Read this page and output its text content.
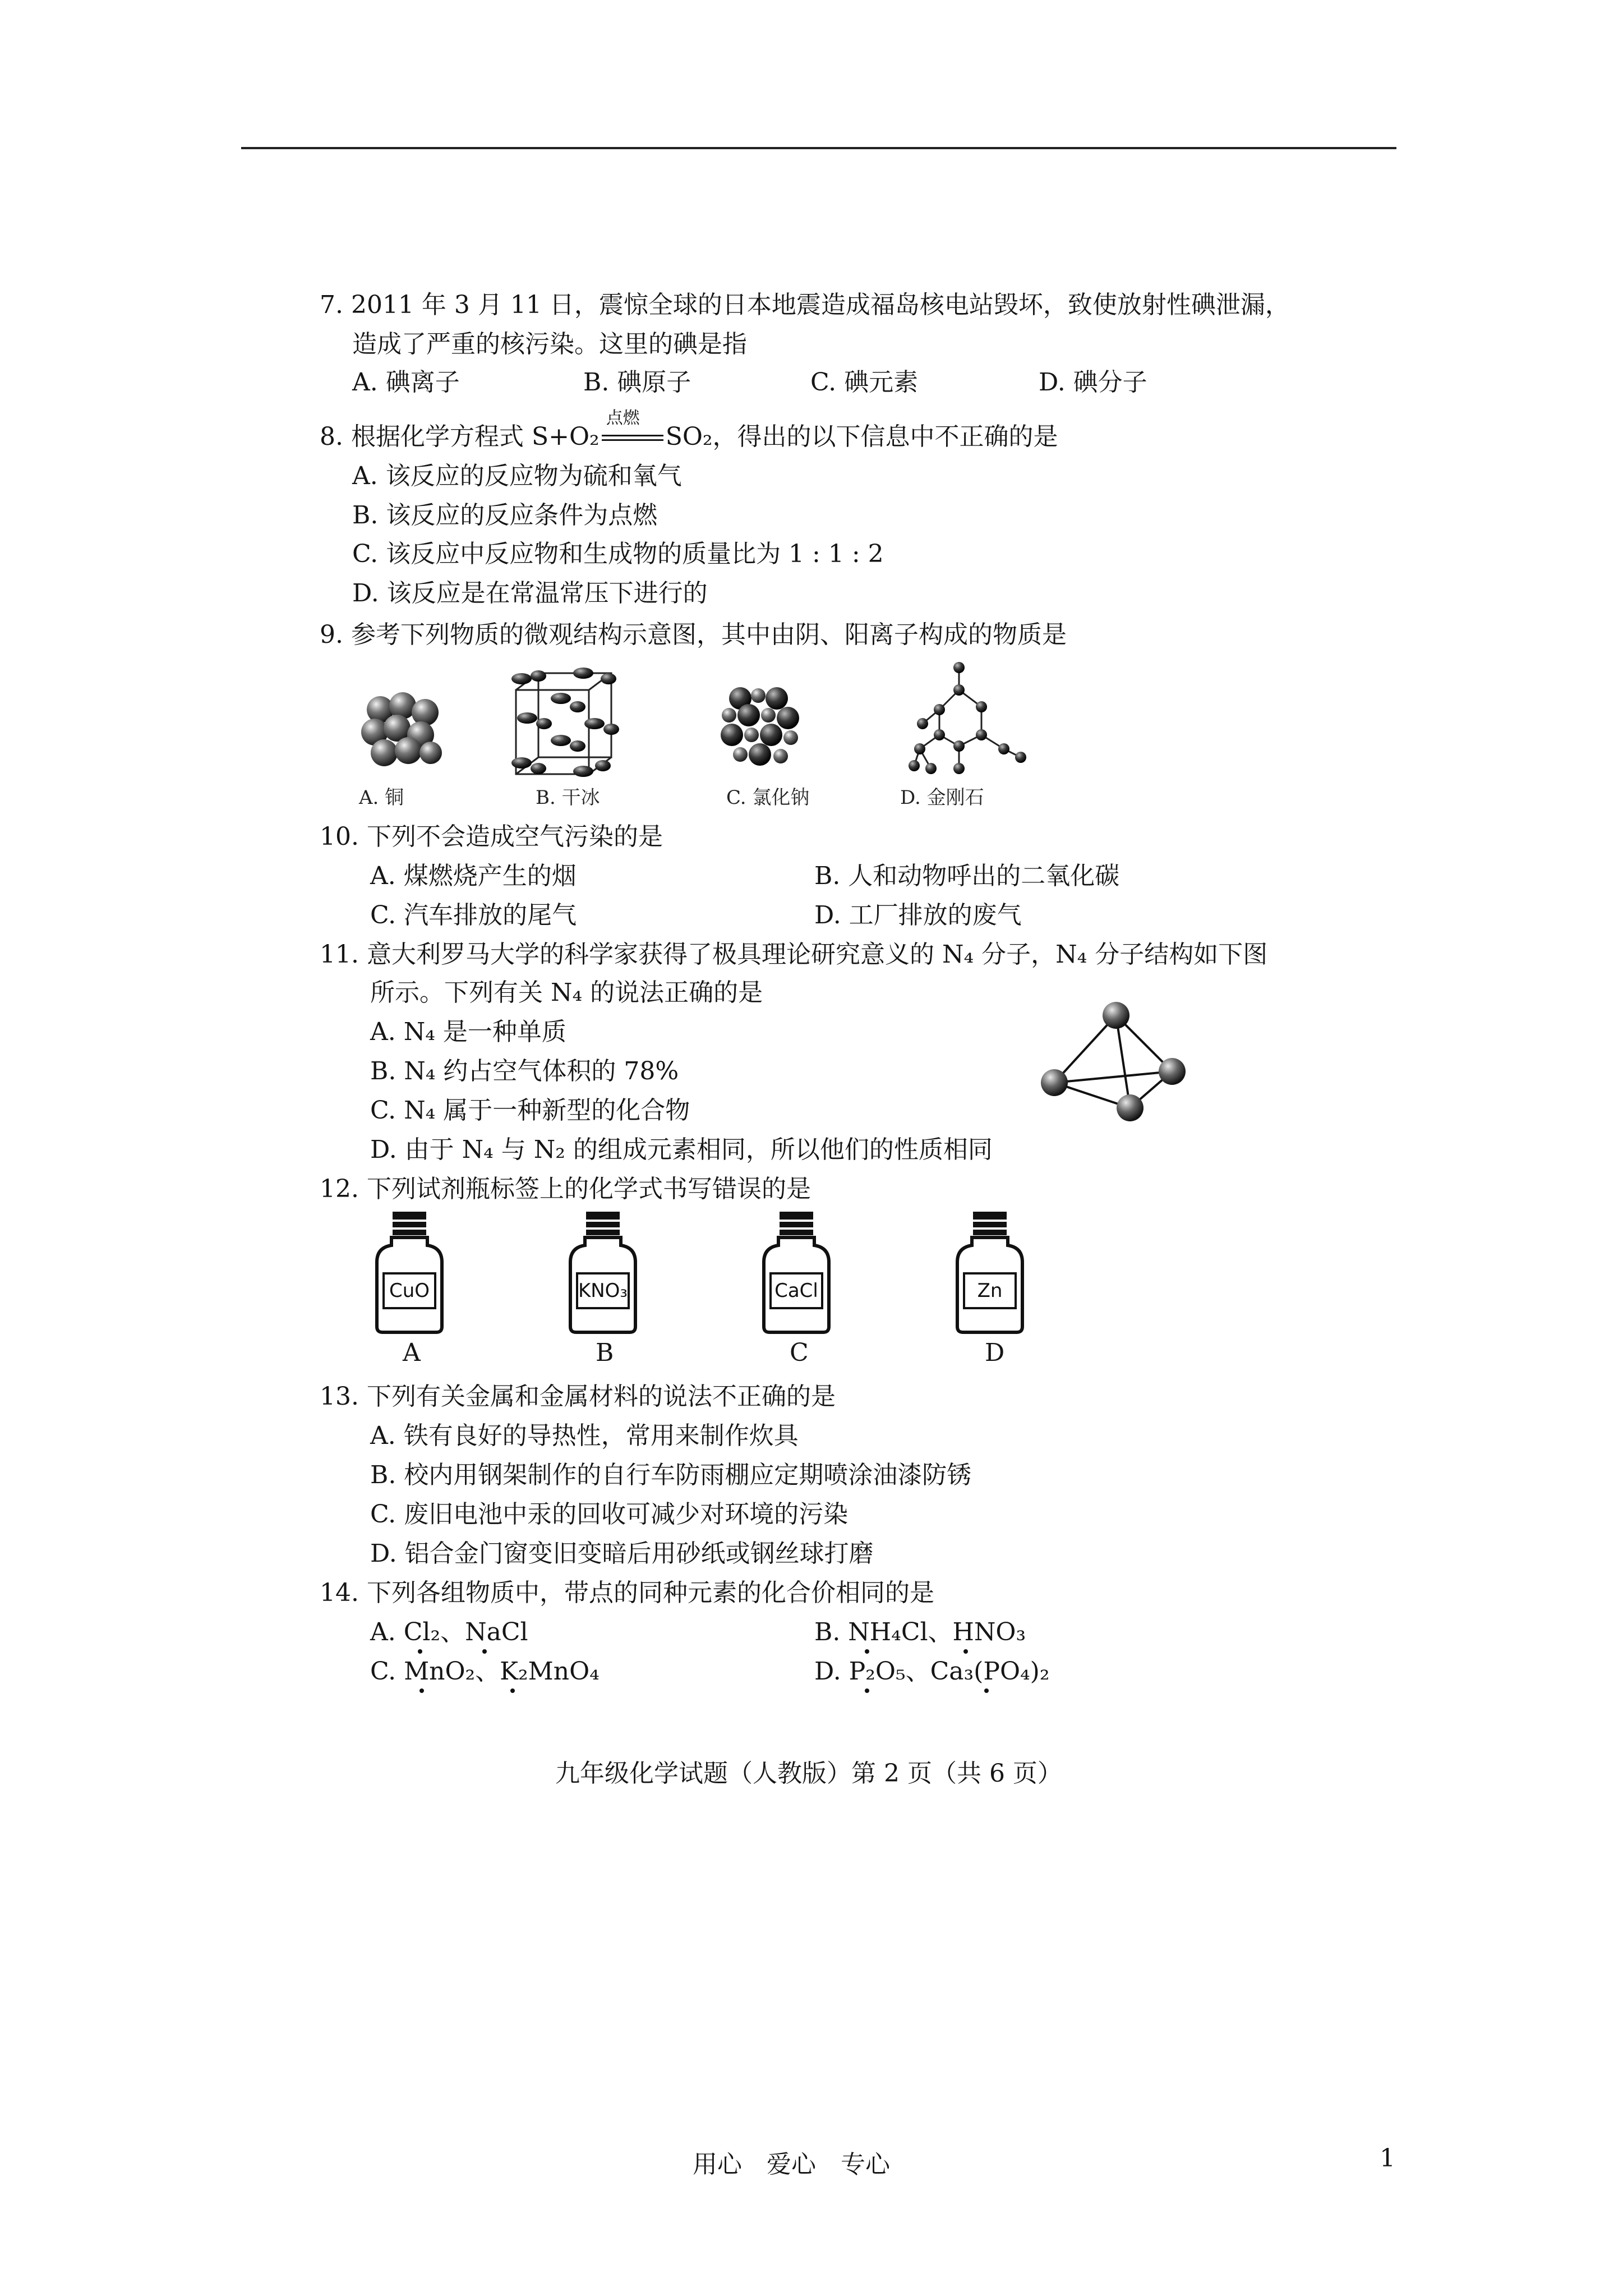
7. 2011 年 3 月 11 日，震惊全球的日本地震造成福岛核电站毁坏，致使放射性碘泄漏，
造成了严重的核污染。这里的碘是指
A. 碘离子	B. 碘原子	C. 碘元素	D. 碘分子
8. 根据化学方程式 S+O₂
点燃
SO₂，得出的以下信息中不正确的是
A. 该反应的反应物为硫和氧气
B. 该反应的反应条件为点燃
C. 该反应中反应物和生成物的质量比为 1 : 1 : 2
D. 该反应是在常温常压下进行的
9. 参考下列物质的微观结构示意图，其中由阴、阳离子构成的物质是
A. 铜	B. 干冰	C. 氯化钠	D. 金刚石
10. 下列不会造成空气污染的是
A. 煤燃烧产生的烟	B. 人和动物呼出的二氧化碳
C. 汽车排放的尾气	D. 工厂排放的废气
11. 意大利罗马大学的科学家获得了极具理论研究意义的 N₄ 分子，N₄ 分子结构如下图
所示。下列有关 N₄ 的说法正确的是
A. N₄ 是一种单质
B. N₄ 约占空气体积的 78%
C. N₄ 属于一种新型的化合物
D. 由于 N₄ 与 N₂ 的组成元素相同，所以他们的性质相同
12. 下列试剂瓶标签上的化学式书写错误的是
CuO	KNO₃	CaCl	Zn
A	B	C	D
13. 下列有关金属和金属材料的说法不正确的是
A. 铁有良好的导热性，常用来制作炊具
B. 校内用钢架制作的自行车防雨棚应定期喷涂油漆防锈
C. 废旧电池中汞的回收可减少对环境的污染
D. 铝合金门窗变旧变暗后用砂纸或钢丝球打磨
14. 下列各组物质中，带点的同种元素的化合价相同的是
A. Cl₂、NaCl	B. NH₄Cl、HNO₃
C. MnO₂、K₂MnO₄	D. P₂O₅、Ca₃(PO₄)₂
九年级化学试题（人教版）第 2 页（共 6 页）
用心　爱心　专心	1
